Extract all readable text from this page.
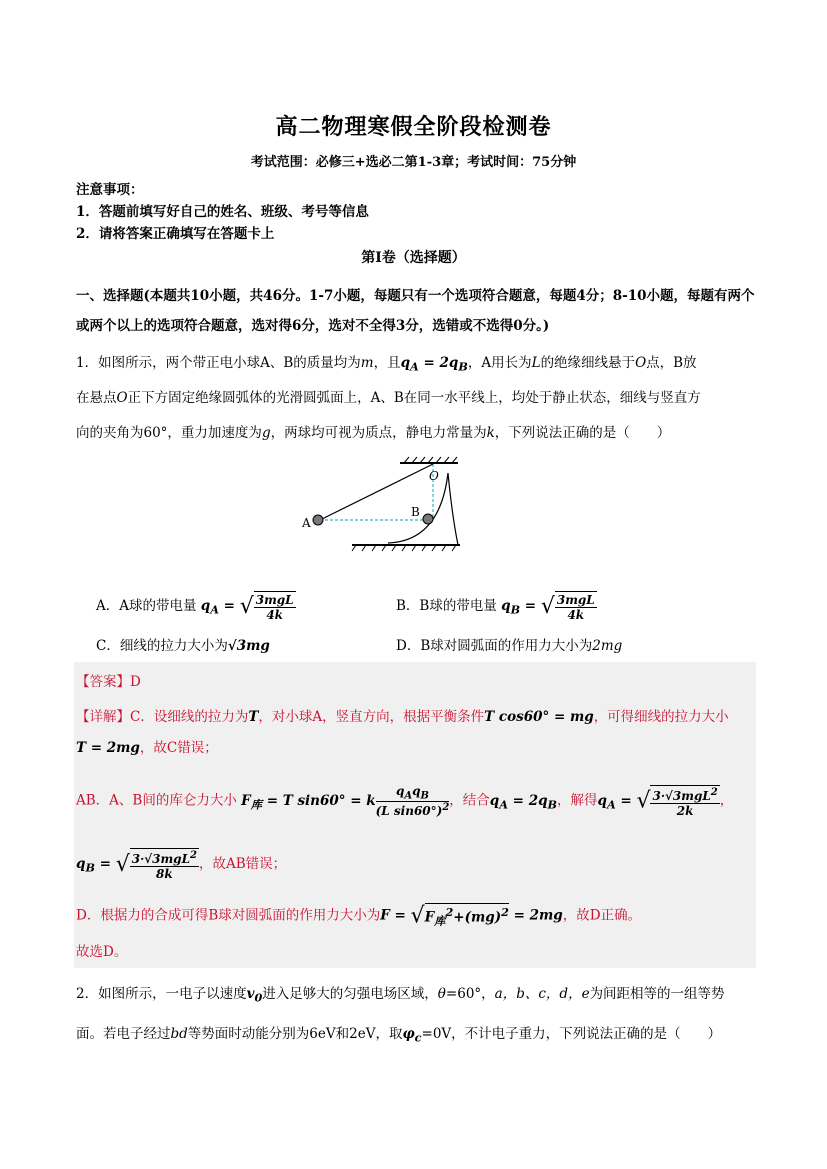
高二物理寒假全阶段检测卷
考试范围：必修三+选必二第1-3章；考试时间：75分钟
注意事项：
1．答题前填写好自己的姓名、班级、考号等信息
2．请将答案正确填写在答题卡上
第I卷（选择题）
一、选择题(本题共10小题，共46分。1-7小题，每题只有一个选项符合题意，每题4分；8-10小题，每题有两个或两个以上的选项符合题意，选对得6分，选对不全得3分，选错或不选得0分。)
1．如图所示，两个带正电小球A、B的质量均为m，且$q_A = 2q_B$，A用长为L的绝缘细线悬于O点，B放
在悬点O正下方固定绝缘圆弧体的光滑圆弧面上，A、B在同一水平线上，均处于静止状态，细线与竖直方
向的夹角为60°，重力加速度为g，两球均可视为质点，静电力常量为k，下列说法正确的是（　　）
O
A
B
A．A球的带电量 $q_A$ = √ $\frac{\text{3mgL}}{4k}$	B．B球的带电量 $q_B$ = √ $\frac{\text{3mgL}}{4k}$
C．细线的拉力大小为√3mg	D．B球对圆弧面的作用力大小为2mg
【答案】D
【详解】C．设细线的拉力为T，对小球A，竖直方向，根据平衡条件T cos60° = mg，可得细线的拉力大小
T = 2mg，故C错误；
AB．A、B间的库仑力大小 $F_库 = T$ sin60° = k $\frac{q_Aq_B}{(L \sin 60^\circ)^2}$ ，结合$q_A = 2q_B$，解得$q_A$ = √ $\frac{3\cdot√3mgL^2}{2k}$ ，
$q_B$ = √ $\frac{3\cdot√3mgL^2}{8k}$ ，故AB错误；
D．根据力的合成可得B球对圆弧面的作用力大小为$F = √F_库^2+(mg)^2 = 2mg$，故D正确。
故选D。
2．如图所示，一电子以速度$v_0$进入足够大的匀强电场区域，θ=60°，a，b、c，d，e为间距相等的一组等势
面。若电子经过bd等势面时动能分别为6eV和2eV，取$\varphi_c=0V$，不计电子重力，下列说法正确的是（　　）
